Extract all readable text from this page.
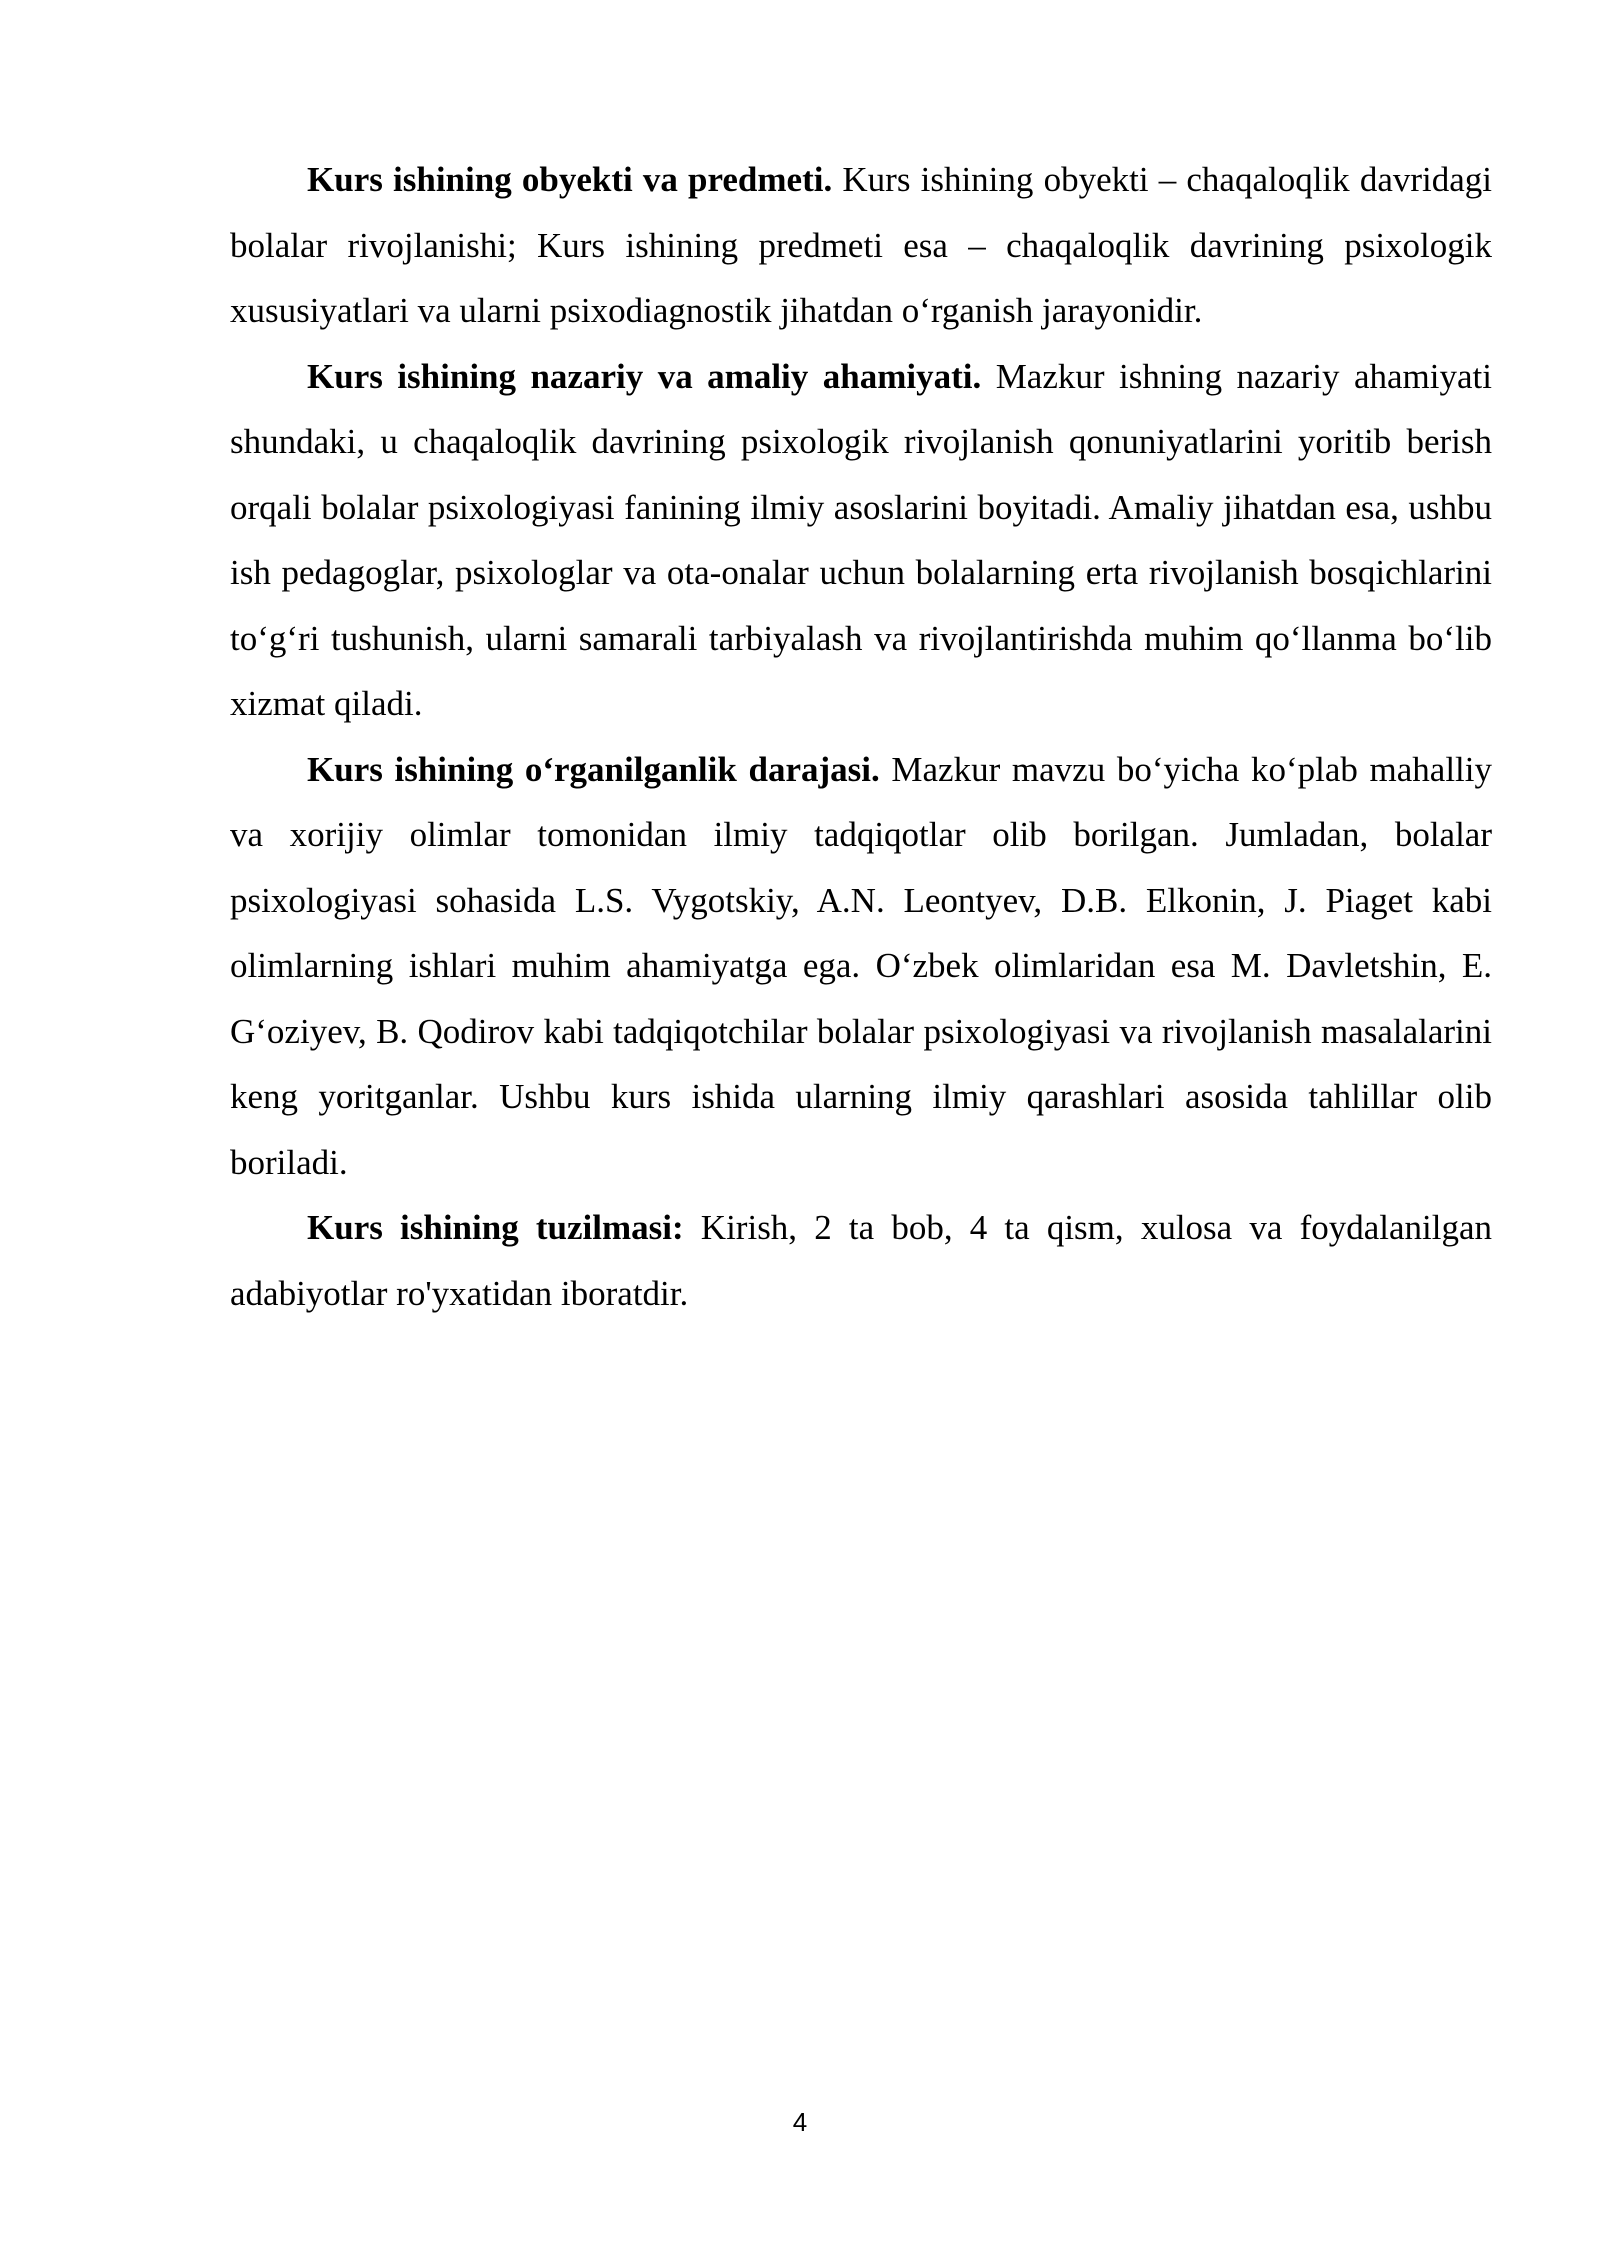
Kurs ishining obyekti va predmeti. Kurs ishining obyekti – chaqaloqlik davridagi bolalar rivojlanishi; Kurs ishining predmeti esa – chaqaloqlik davrining psixologik xususiyatlari va ularni psixodiagnostik jihatdan o‘rganish jarayonidir.

Kurs ishining nazariy va amaliy ahamiyati. Mazkur ishning nazariy ahamiyati shundaki, u chaqaloqlik davrining psixologik rivojlanish qonuniyatlarini yoritib berish orqali bolalar psixologiyasi fanining ilmiy asoslarini boyitadi. Amaliy jihatdan esa, ushbu ish pedagoglar, psixologlar va ota-onalar uchun bolalarning erta rivojlanish bosqichlarini to‘g‘ri tushunish, ularni samarali tarbiyalash va rivojlantirishda muhim qo‘llanma bo‘lib xizmat qiladi.

Kurs ishining o‘rganilganlik darajasi. Mazkur mavzu bo‘yicha ko‘plab mahalliy va xorijiy olimlar tomonidan ilmiy tadqiqotlar olib borilgan. Jumladan, bolalar psixologiyasi sohasida L.S. Vygotskiy, A.N. Leontyev, D.B. Elkonin, J. Piaget kabi olimlarning ishlari muhim ahamiyatga ega. O‘zbek olimlaridan esa M. Davletshin, E. G‘oziyev, B. Qodirov kabi tadqiqotchilar bolalar psixologiyasi va rivojlanish masalalarini keng yoritganlar. Ushbu kurs ishida ularning ilmiy qarashlari asosida tahlillar olib boriladi.

Kurs ishining tuzilmasi: Kirish, 2 ta bob, 4 ta qism, xulosa va foydalanilgan adabiyotlar ro'yxatidan iboratdir.

4
